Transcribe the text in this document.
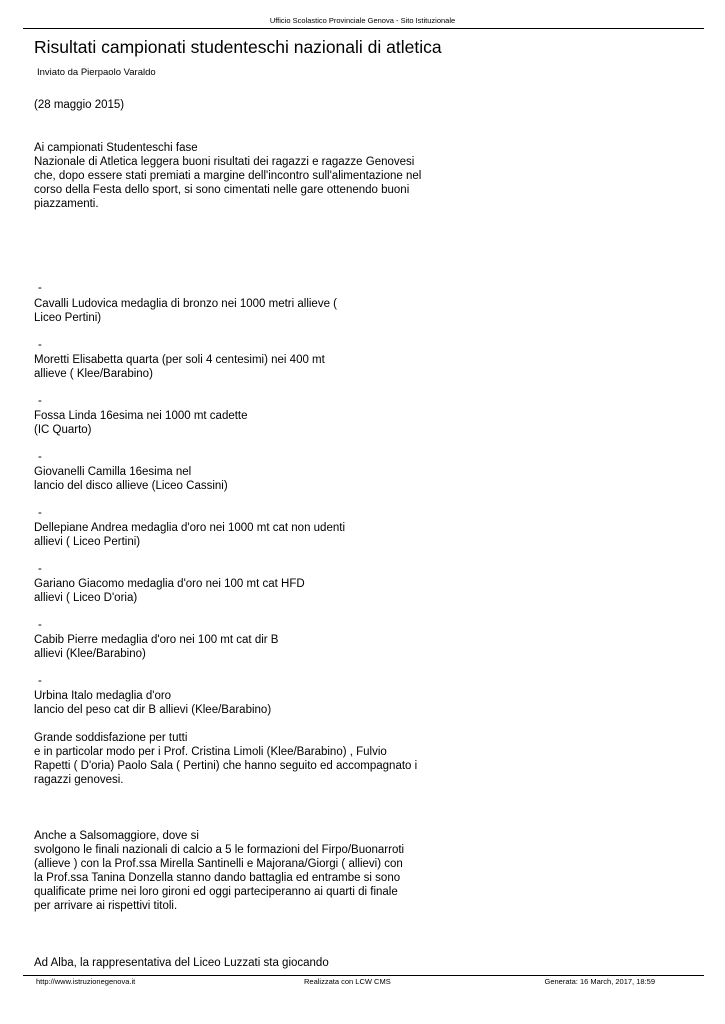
Ufficio Scolastico Provinciale Genova - Sito Istituzionale
Risultati campionati studenteschi nazionali di atletica
Inviato da Pierpaolo Varaldo
(28 maggio 2015)
Ai campionati Studenteschi fase
Nazionale di Atletica leggera buoni risultati dei ragazzi e ragazze Genovesi
che, dopo essere stati premiati a margine dell'incontro sull'alimentazione nel
corso della Festa dello sport, si sono cimentati nelle gare ottenendo buoni
piazzamenti.
-
Cavalli Ludovica medaglia di bronzo nei 1000 metri allieve (
Liceo Pertini)
-
Moretti Elisabetta quarta (per soli 4 centesimi) nei 400 mt
allieve ( Klee/Barabino)
-
Fossa Linda 16esima nei 1000 mt cadette
(IC Quarto)
-
Giovanelli Camilla 16esima nel
lancio del disco allieve (Liceo Cassini)
-
Dellepiane Andrea medaglia d'oro nei 1000 mt cat non udenti
allievi ( Liceo Pertini)
-
Gariano Giacomo medaglia d'oro nei 100 mt cat HFD
allievi ( Liceo D'oria)
-
Cabib Pierre medaglia d'oro nei 100 mt cat dir B
allievi (Klee/Barabino)
-
Urbina Italo medaglia d'oro
lancio del peso cat dir B allievi (Klee/Barabino)
Grande soddisfazione per tutti
e in particolar modo per i Prof. Cristina Limoli (Klee/Barabino) , Fulvio
Rapetti ( D'oria) Paolo Sala ( Pertini) che hanno seguito ed accompagnato i
ragazzi genovesi.
Anche a Salsomaggiore, dove si
svolgono le finali nazionali di calcio a 5 le formazioni del Firpo/Buonarroti
(allieve ) con la Prof.ssa Mirella Santinelli e Majorana/Giorgi ( allievi) con
la Prof.ssa Tanina Donzella stanno dando battaglia ed entrambe si sono
qualificate prime nei loro gironi ed oggi parteciperanno ai quarti di finale
per arrivare ai rispettivi titoli.
Ad Alba, la rappresentativa del Liceo Luzzati sta giocando
http://www.istruzionegenova.it	Realizzata con LCW CMS	Generata: 16 March, 2017, 18:59
